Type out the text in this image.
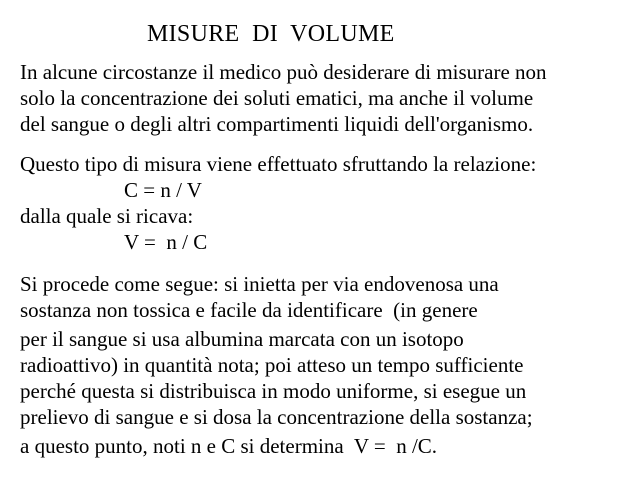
MISURE  DI  VOLUME
In alcune circostanze il medico può desiderare di misurare non
solo la concentrazione dei soluti ematici, ma anche il volume
del sangue o degli altri compartimenti liquidi dell'organismo.
Questo tipo di misura viene effettuato sfruttando la relazione:
C = n / V
dalla quale si ricava:
V =  n / C
Si procede come segue: si inietta per via endovenosa una
sostanza non tossica e facile da identificare  (in genere
per il sangue si usa albumina marcata con un isotopo
radioattivo) in quantità nota; poi atteso un tempo sufficiente
perché questa si distribuisca in modo uniforme, si esegue un
prelievo di sangue e si dosa la concentrazione della sostanza;
a questo punto, noti n e C si determina  V =  n /C.
